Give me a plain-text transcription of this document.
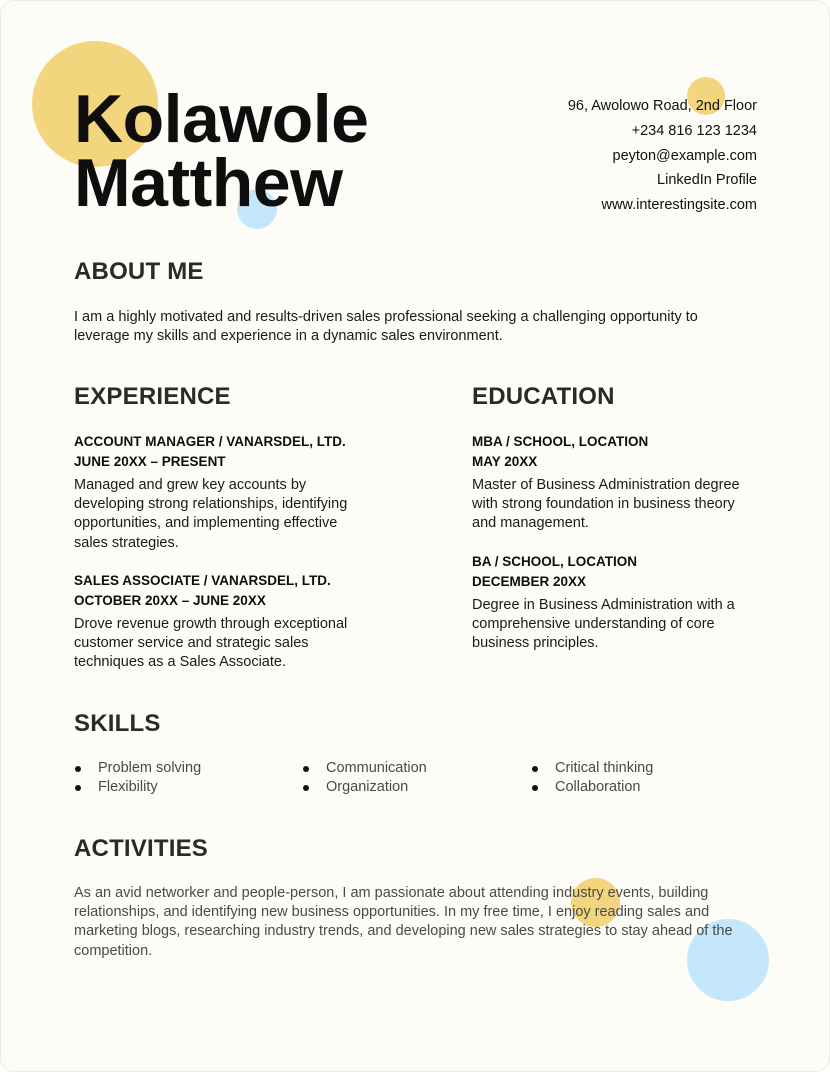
Kolawole
Matthew
96, Awolowo Road, 2nd Floor
+234 816 123 1234
peyton@example.com
LinkedIn Profile
www.interestingsite.com
ABOUT ME

I am a highly motivated and results-driven sales professional seeking a challenging opportunity to leverage my skills and experience in a dynamic sales environment.

EXPERIENCE
ACCOUNT MANAGER / VANARSDEL, LTD.
JUNE 20XX – PRESENT
Managed and grew key accounts by developing strong relationships, identifying opportunities, and implementing effective sales strategies.
SALES ASSOCIATE / VANARSDEL, LTD.
OCTOBER 20XX – JUNE 20XX
Drove revenue growth through exceptional customer service and strategic sales techniques as a Sales Associate.
EDUCATION
MBA / SCHOOL, LOCATION
MAY 20XX
Master of Business Administration degree with strong foundation in business theory and management.
BA / SCHOOL, LOCATION
DECEMBER 20XX
Degree in Business Administration with a comprehensive understanding of core business principles.
SKILLS
Problem solving
Flexibility
Communication
Organization
Critical thinking
Collaboration
ACTIVITIES

As an avid networker and people-person, I am passionate about attending industry events, building relationships, and identifying new business opportunities. In my free time, I enjoy reading sales and marketing blogs, researching industry trends, and developing new sales strategies to stay ahead of the competition.
